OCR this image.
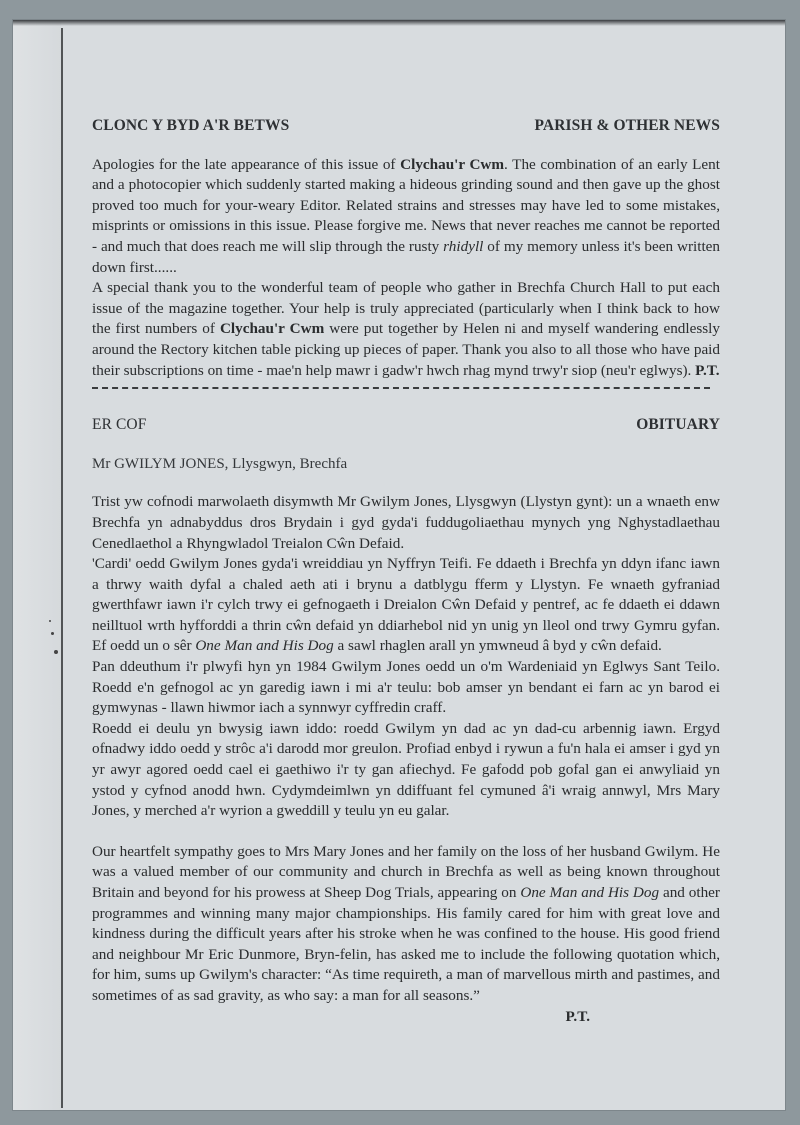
CLONC Y BYD A'R BETWS	PARISH & OTHER NEWS

Apologies for the late appearance of this issue of Clychau'r Cwm. The combination of an early Lent and a photocopier which suddenly started making a hideous grinding sound and then gave up the ghost proved too much for your-weary Editor. Related strains and stresses may have led to some mistakes, misprints or omissions in this issue. Please forgive me. News that never reaches me cannot be reported - and much that does reach me will slip through the rusty rhidyll of my memory unless it's been written down first......

A special thank you to the wonderful team of people who gather in Brechfa Church Hall to put each issue of the magazine together. Your help is truly appreciated (particularly when I think back to how the first numbers of Clychau'r Cwm were put together by Helen ni and myself wandering endlessly around the Rectory kitchen table picking up pieces of paper. Thank you also to all those who have paid their subscriptions on time - mae'n help mawr i gadw'r hwch rhag mynd trwy'r siop (neu'r eglwys). P.T.

ER COF	OBITUARY
Mr GWILYM JONES, Llysgwyn, Brechfa

Trist yw cofnodi marwolaeth disymwth Mr Gwilym Jones, Llysgwyn (Llystyn gynt): un a wnaeth enw Brechfa yn adnabyddus dros Brydain i gyd gyda'i fuddugoliaethau mynych yng Nghystadlaethau Cenedlaethol a Rhyngwladol Treialon Cŵn Defaid.

'Cardi' oedd Gwilym Jones gyda'i wreiddiau yn Nyffryn Teifi. Fe ddaeth i Brechfa yn ddyn ifanc iawn a thrwy waith dyfal a chaled aeth ati i brynu a datblygu fferm y Llystyn. Fe wnaeth gyfraniad gwerthfawr iawn i'r cylch trwy ei gefnogaeth i Dreialon Cŵn Defaid y pentref, ac fe ddaeth ei ddawn neilltuol wrth hyfforddi a thrin cŵn defaid yn ddiarhebol nid yn unig yn lleol ond trwy Gymru gyfan. Ef oedd un o sêr One Man and His Dog a sawl rhaglen arall yn ymwneud â byd y cŵn defaid.

Pan ddeuthum i'r plwyfi hyn yn 1984 Gwilym Jones oedd un o'm Wardeniaid yn Eglwys Sant Teilo. Roedd e'n gefnogol ac yn garedig iawn i mi a'r teulu: bob amser yn bendant ei farn ac yn barod ei gymwynas - llawn hiwmor iach a synnwyr cyffredin craff.

Roedd ei deulu yn bwysig iawn iddo: roedd Gwilym yn dad ac yn dad-cu arbennig iawn. Ergyd ofnadwy iddo oedd y strôc a'i darodd mor greulon. Profiad enbyd i rywun a fu'n hala ei amser i gyd yn yr awyr agored oedd cael ei gaethiwo i'r ty gan afiechyd. Fe gafodd pob gofal gan ei anwyliaid yn ystod y cyfnod anodd hwn. Cydymdeimlwn yn ddiffuant fel cymuned â'i wraig annwyl, Mrs Mary Jones, y merched a'r wyrion a gweddill y teulu yn eu galar.

Our heartfelt sympathy goes to Mrs Mary Jones and her family on the loss of her husband Gwilym. He was a valued member of our community and church in Brechfa as well as being known throughout Britain and beyond for his prowess at Sheep Dog Trials, appearing on One Man and His Dog and other programmes and winning many major championships. His family cared for him with great love and kindness during the difficult years after his stroke when he was confined to the house. His good friend and neighbour Mr Eric Dunmore, Bryn-felin, has asked me to include the following quotation which, for him, sums up Gwilym's character: “As time requireth, a man of marvellous mirth and pastimes, and sometimes of as sad gravity, as who say: a man for all seasons.”

P.T.
